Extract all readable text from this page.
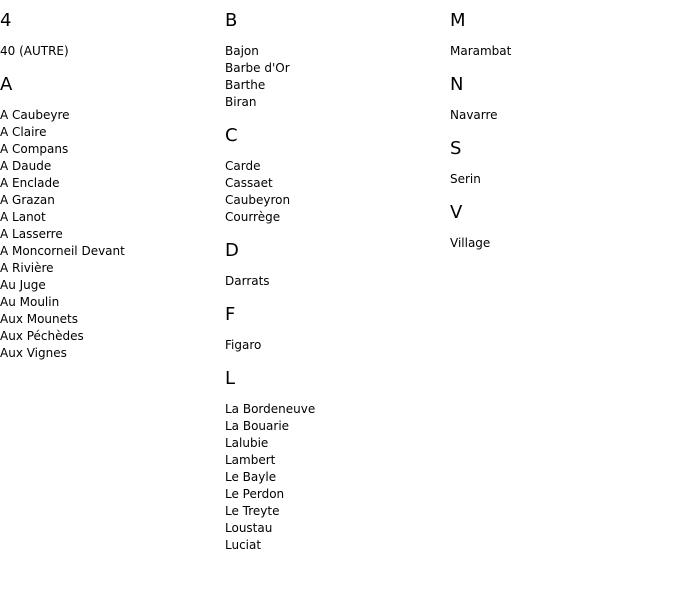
4
40 (AUTRE)
A
A Caubeyre
A Claire
A Compans
A Daude
A Enclade
A Grazan
A Lanot
A Lasserre
A Moncorneil Devant
A Rivière
Au Juge
Au Moulin
Aux Mounets
Aux Péchèdes
Aux Vignes
B
Bajon
Barbe d'Or
Barthe
Biran
C
Carde
Cassaet
Caubeyron
Courrège
D
Darrats
F
Figaro
L
La Bordeneuve
La Bouarie
Lalubie
Lambert
Le Bayle
Le Perdon
Le Treyte
Loustau
Luciat
M
Marambat
N
Navarre
S
Serin
V
Village
